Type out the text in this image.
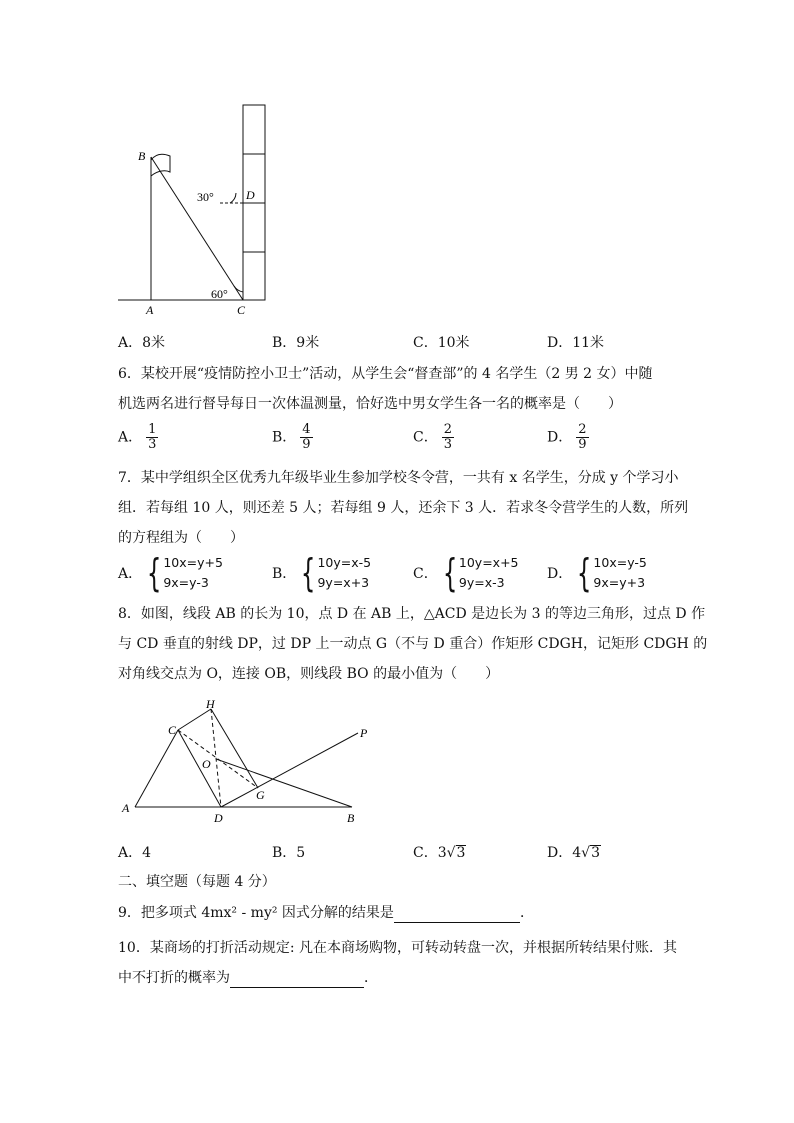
B
D
A	C
30°
60°
A．8米	B．9米	C．10米	D．11米
6．某校开展“疫情防控小卫士”活动，从学生会“督查部”的 4 名学生（2 男 2 女）中随
机选两名进行督导每日一次体温测量，恰好选中男女学生各一名的概率是（　　）
A． $\frac{1}{3}$	B． $\frac{4}{9}$	C． $\frac{2}{3}$	D． $\frac{2}{9}$
7．某中学组织全区优秀九年级毕业生参加学校冬令营，一共有 x 名学生，分成 y 个学习小
组．若每组 10 人，则还差 5 人；若每组 9 人，还余下 3 人．若求冬令营学生的人数，所列
的方程组为（　　）
A． { 10x=y+5
9x=y-3
B． { 10y=x-5
9y=x+3
C． { 10y=x+5
9y=x-3
D． { 10x=y-5
9x=y+3
8．如图，线段 AB 的长为 10，点 D 在 AB 上，△ACD 是边长为 3 的等边三角形，过点 D 作
与 CD 垂直的射线 DP，过 DP 上一动点 G（不与 D 重合）作矩形 CDGH，记矩形 CDGH 的
对角线交点为 O，连接 OB，则线段 BO 的最小值为（　　）
A
C
H
O
G
D	B
P
A．4	B．5	C．3√3	D．4√3
二、填空题（每题 4 分）
9．把多项式 4mx² - my² 因式分解的结果是	．
10．某商场的打折活动规定: 凡在本商场购物，可转动转盘一次，并根据所转结果付账．其
中不打折的概率为	．
